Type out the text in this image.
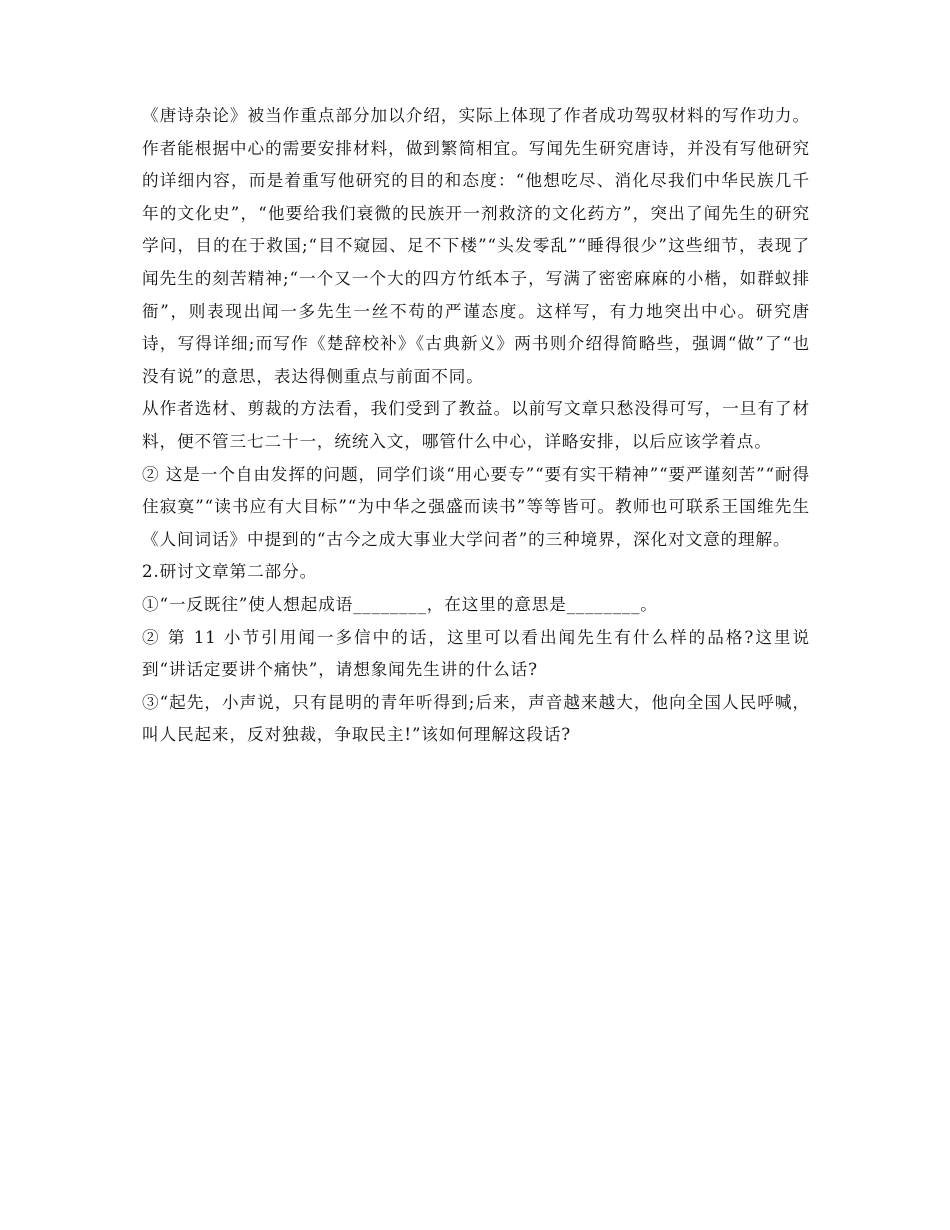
《唐诗杂论》被当作重点部分加以介绍，实际上体现了作者成功驾驭材料的写作功力。作者能根据中心的需要安排材料，做到繁简相宜。写闻先生研究唐诗，并没有写他研究的详细内容，而是着重写他研究的目的和态度：“他想吃尽、消化尽我们中华民族几千年的文化史”，“他要给我们衰微的民族开一剂救济的文化药方”，突出了闻先生的研究学问，目的在于救国;“目不窥园、足不下楼”“头发零乱”“睡得很少”这些细节，表现了闻先生的刻苦精神;“一个又一个大的四方竹纸本子，写满了密密麻麻的小楷，如群蚁排衙”，则表现出闻一多先生一丝不苟的严谨态度。这样写，有力地突出中心。研究唐诗，写得详细;而写作《楚辞校补》《古典新义》两书则介绍得简略些，强调“做”了“也没有说”的意思，表达得侧重点与前面不同。

从作者选材、剪裁的方法看，我们受到了教益。以前写文章只愁没得可写，一旦有了材料，便不管三七二十一，统统入文，哪管什么中心，详略安排，以后应该学着点。

② 这是一个自由发挥的问题，同学们谈“用心要专”“要有实干精神”“要严谨刻苦”“耐得住寂寞”“读书应有大目标”“为中华之强盛而读书”等等皆可。教师也可联系王国维先生《人间词话》中提到的“古今之成大事业大学问者”的三种境界，深化对文意的理解。

2.研讨文章第二部分。

①“一反既往”使人想起成语________，在这里的意思是________。

② 第 11 小节引用闻一多信中的话，这里可以看出闻先生有什么样的品格?这里说到“讲话定要讲个痛快”，请想象闻先生讲的什么话?

③“起先，小声说，只有昆明的青年听得到;后来，声音越来越大，他向全国人民呼喊，叫人民起来，反对独裁，争取民主!”该如何理解这段话?
